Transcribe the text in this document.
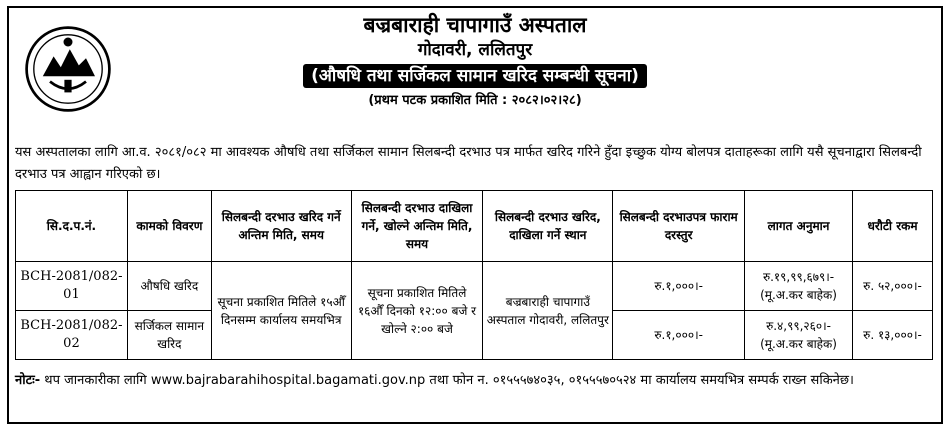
बज्रबाराही चापागाउँ अस्पताल
गोदावरी, ललितपुर
(औषधि तथा सर्जिकल सामान खरिद सम्बन्धी सूचना)
(प्रथम पटक प्रकाशित मिति : २०८२।०२।२८)
यस अस्पतालका लागि आ.व. २०८१/०८२ मा आवश्यक औषधि तथा सर्जिकल सामान सिलबन्दी दरभाउ पत्र मार्फत खरिद गरिने हुँदा इच्छुक योग्य बोलपत्र दाताहरूका लागि यसै सूचनाद्वारा सिलबन्दी दरभाउ पत्र आह्वान गरिएको छ।
सि.द.प.नं.	कामको विवरण	सिलबन्दी दरभाउ खरिद गर्ने अन्तिम मिति, समय	सिलबन्दी दरभाउ दाखिला गर्ने, खोल्ने अन्तिम मिति, समय	सिलबन्दी दरभाउ खरिद, दाखिला गर्ने स्थान	सिलबन्दी दरभाउपत्र फाराम दरस्तुर	लागत अनुमान	धरौटी रकम
BCH-2081/082-01	औषधि खरिद	सूचना प्रकाशित मितिले १५औँ दिनसम्म कार्यालय समयभित्र	सूचना प्रकाशित मितिले १६औँ दिनको १२:०० बजे र खोल्ने २:०० बजे	बज्रबाराही चापागाउँ अस्पताल गोदावरी, ललितपुर	रु.१,०००।-	रु.१९,९९,६७९।- (मू.अ.कर बाहेक)	रु. ५२,०००।-
BCH-2081/082-02	सर्जिकल सामान खरिद				रु.१,०००।-	रु.४,९९,२६०।- (मू.अ.कर बाहेक)	रु. १३,०००।-
नोटः- थप जानकारीका लागि www.bajrabarahihospital.bagamati.gov.np तथा फोन न. ०१५५५७४०३५, ०१५५५७०५२४ मा कार्यालय समयभित्र सम्पर्क राख्न सकिनेछ।
